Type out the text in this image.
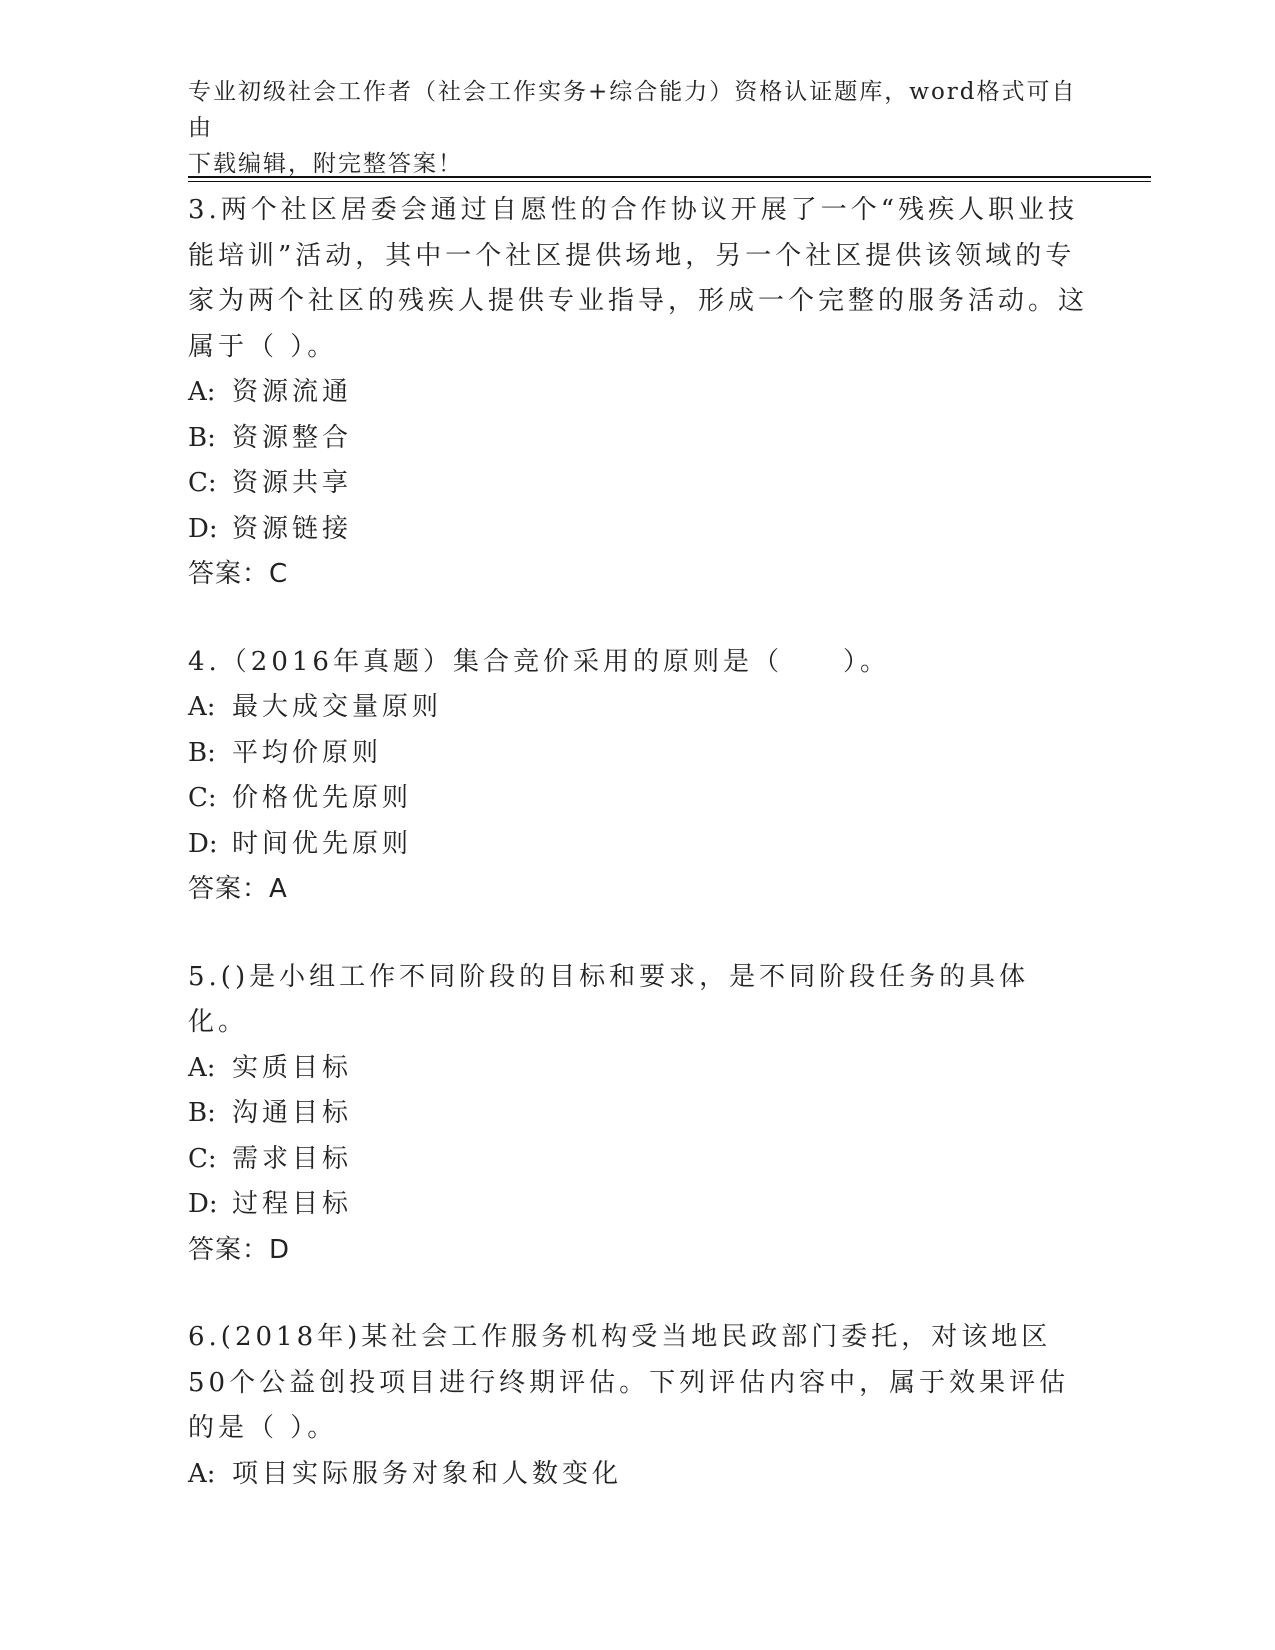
专业初级社会工作者（社会工作实务+综合能力）资格认证题库，word格式可自由
下载编辑，附完整答案！

3.两个社区居委会通过自愿性的合作协议开展了一个“残疾人职业技能培训”活动，其中一个社区提供场地，另一个社区提供该领域的专家为两个社区的残疾人提供专业指导，形成一个完整的服务活动。这属于（ ）。

A: 资源流通

B: 资源整合

C: 资源共享

D: 资源链接

答案：C

4.（2016年真题）集合竞价采用的原则是（　　）。

A: 最大成交量原则

B: 平均价原则

C: 价格优先原则

D: 时间优先原则

答案：A

5.()是小组工作不同阶段的目标和要求，是不同阶段任务的具体化。

A: 实质目标

B: 沟通目标

C: 需求目标

D: 过程目标

答案：D

6.(2018年)某社会工作服务机构受当地民政部门委托，对该地区50个公益创投项目进行终期评估。下列评估内容中，属于效果评估的是（ ）。

A: 项目实际服务对象和人数变化
